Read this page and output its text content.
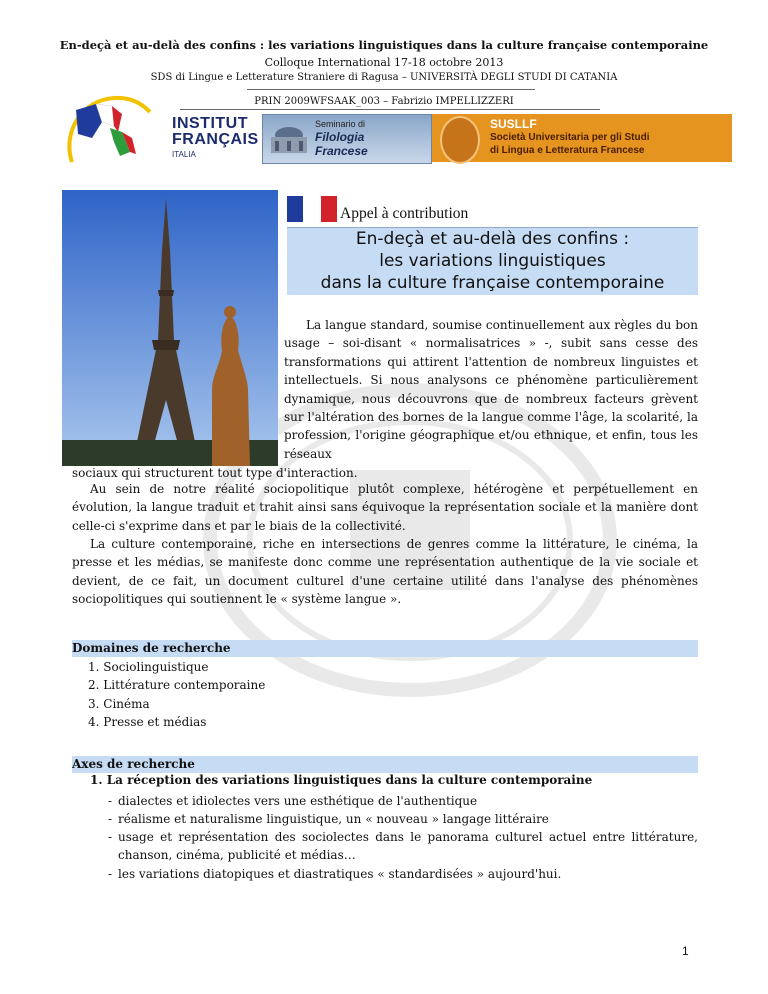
En-deçà et au-delà des confins : les variations linguistiques dans la culture française contemporaine
Colloque International 17-18 octobre 2013
SDS di Lingue e Letterature Straniere di Ragusa – UNIVERSITÀ DEGLI STUDI DI CATANIA
PRIN 2009WFSAAK_003 – Fabrizio IMPELLIZZERI
INSTITUT
FRANÇAIS
ITALIA
Seminario di
Filologia
Francese
SUSLLF
Società Universitaria per gli Studi
di Lingua e Letteratura Francese
Appel à contribution
En-deçà et au-delà des confins :
les variations linguistiques
dans la culture française contemporaine
La langue standard, soumise continuellement aux règles du bon usage – soi-disant « normalisatrices » -, subit sans cesse des transformations qui attirent l'attention de nombreux linguistes et intellectuels. Si nous analysons ce phénomène particulièrement dynamique, nous découvrons que de nombreux facteurs grèvent sur l'altération des bornes de la langue comme l'âge, la scolarité, la profession, l'origine géographique et/ou ethnique, et enfin, tous les réseaux
sociaux qui structurent tout type d'interaction.
Au sein de notre réalité sociopolitique plutôt complexe, hétérogène et perpétuellement en évolution, la langue traduit et trahit ainsi sans équivoque la représentation sociale et la manière dont celle-ci s'exprime dans et par le biais de la collectivité.
La culture contemporaine, riche en intersections de genres comme la littérature, le cinéma, la presse et les médias, se manifeste donc comme une représentation authentique de la vie sociale et devient, de ce fait, un document culturel d'une certaine utilité dans l'analyse des phénomènes sociopolitiques qui soutiennent le « système langue ».
Domaines de recherche
1. Sociolinguistique
2. Littérature contemporaine
3. Cinéma
4. Presse et médias
Axes de recherche
1. La réception des variations linguistiques dans la culture contemporaine
- dialectes et idiolectes vers une esthétique de l'authentique
- réalisme et naturalisme linguistique, un « nouveau » langage littéraire
- usage et représentation des sociolectes dans le panorama culturel actuel entre littérature, chanson, cinéma, publicité et médias…
- les variations diatopiques et diastratiques « standardisées » aujourd'hui.
1
